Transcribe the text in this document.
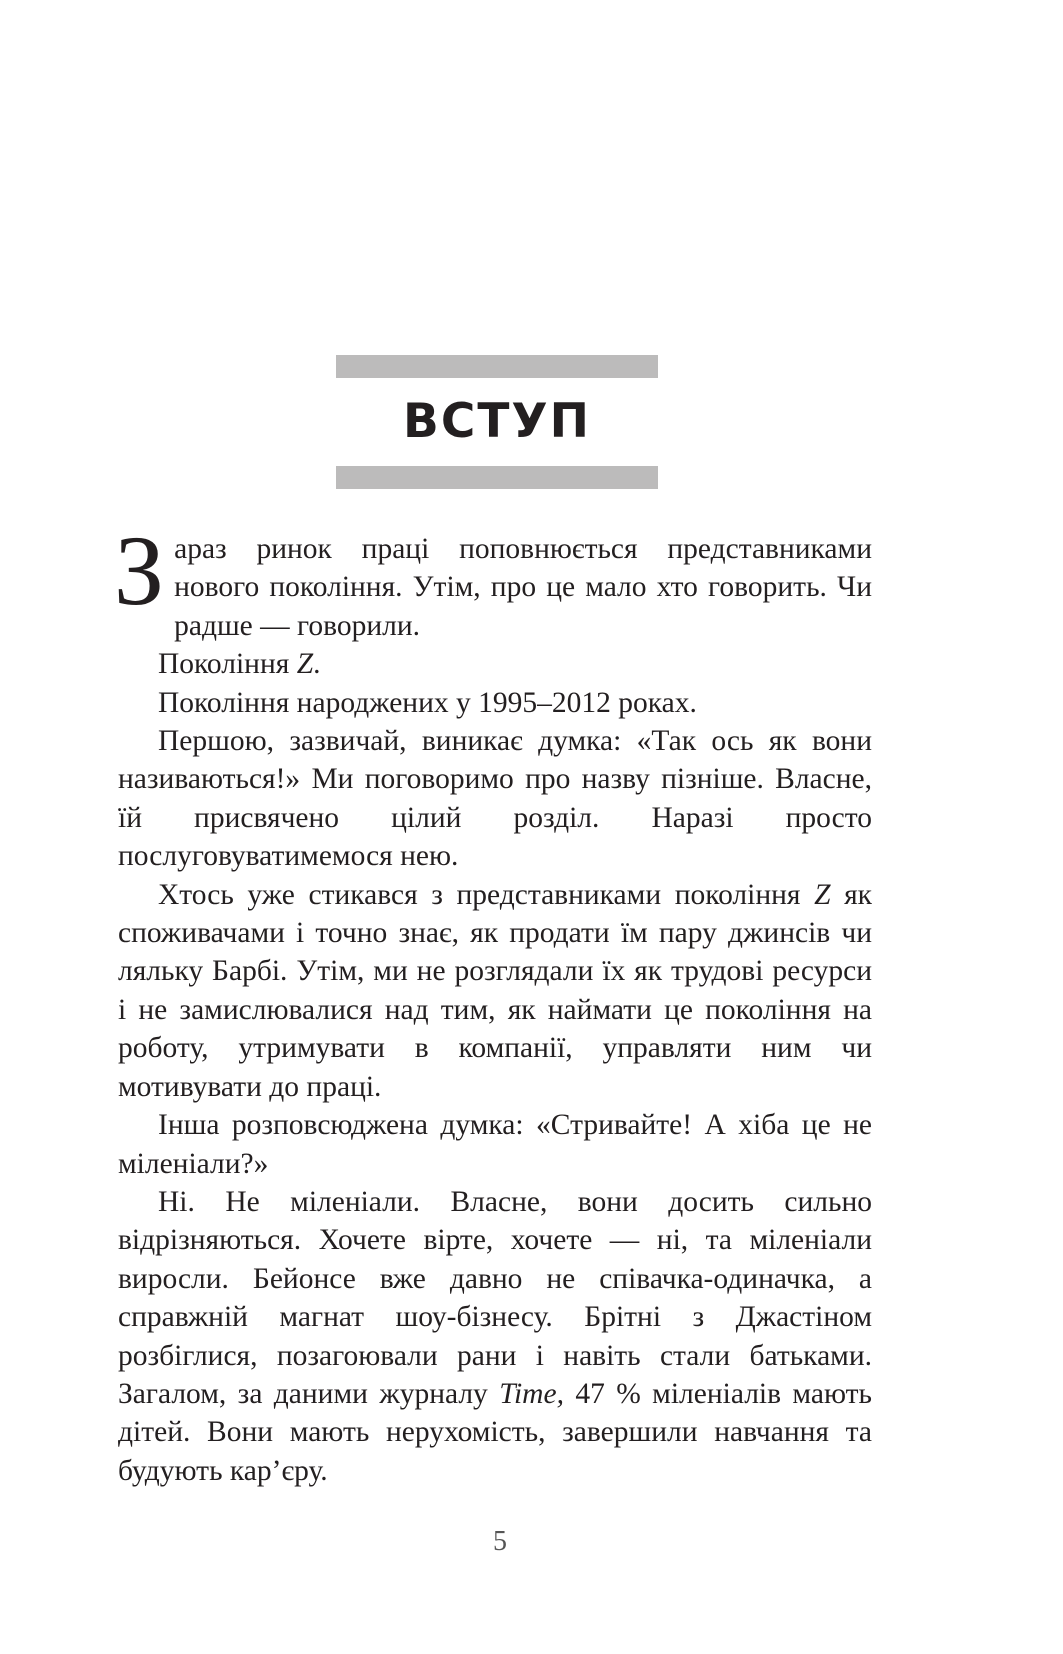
ВСТУП

Зараз ринок праці поповнюється представниками нового покоління. Утім, про це мало хто говорить. Чи радше — говорили.

Покоління Z.

Покоління народжених у 1995–2012 роках.

Першою, зазвичай, виникає думка: «Так ось як вони називаються!» Ми поговоримо про назву пізніше. Власне, їй присвячено цілий розділ. Наразі просто послуговуватимемося нею.

Хтось уже стикався з представниками покоління Z як споживачами і точно знає, як продати їм пару джинсів чи ляльку Барбі. Утім, ми не розглядали їх як трудові ресурси і не замислювалися над тим, як наймати це покоління на роботу, утримувати в компанії, управляти ним чи мотивувати до праці.

Інша розповсюджена думка: «Стривайте! А хіба це не міленіали?»

Ні. Не міленіали. Власне, вони досить сильно відрізняються. Хочете вірте, хочете — ні, та міленіали виросли. Бейонсе вже давно не співачка-одиначка, а справжній магнат шоу-бізнесу. Брітні з Джастіном розбіглися, позагоювали рани і навіть стали батьками. Загалом, за даними журналу Time, 47 % міленіалів мають дітей. Вони мають нерухомість, завершили навчання та будують кар’єру.

5
